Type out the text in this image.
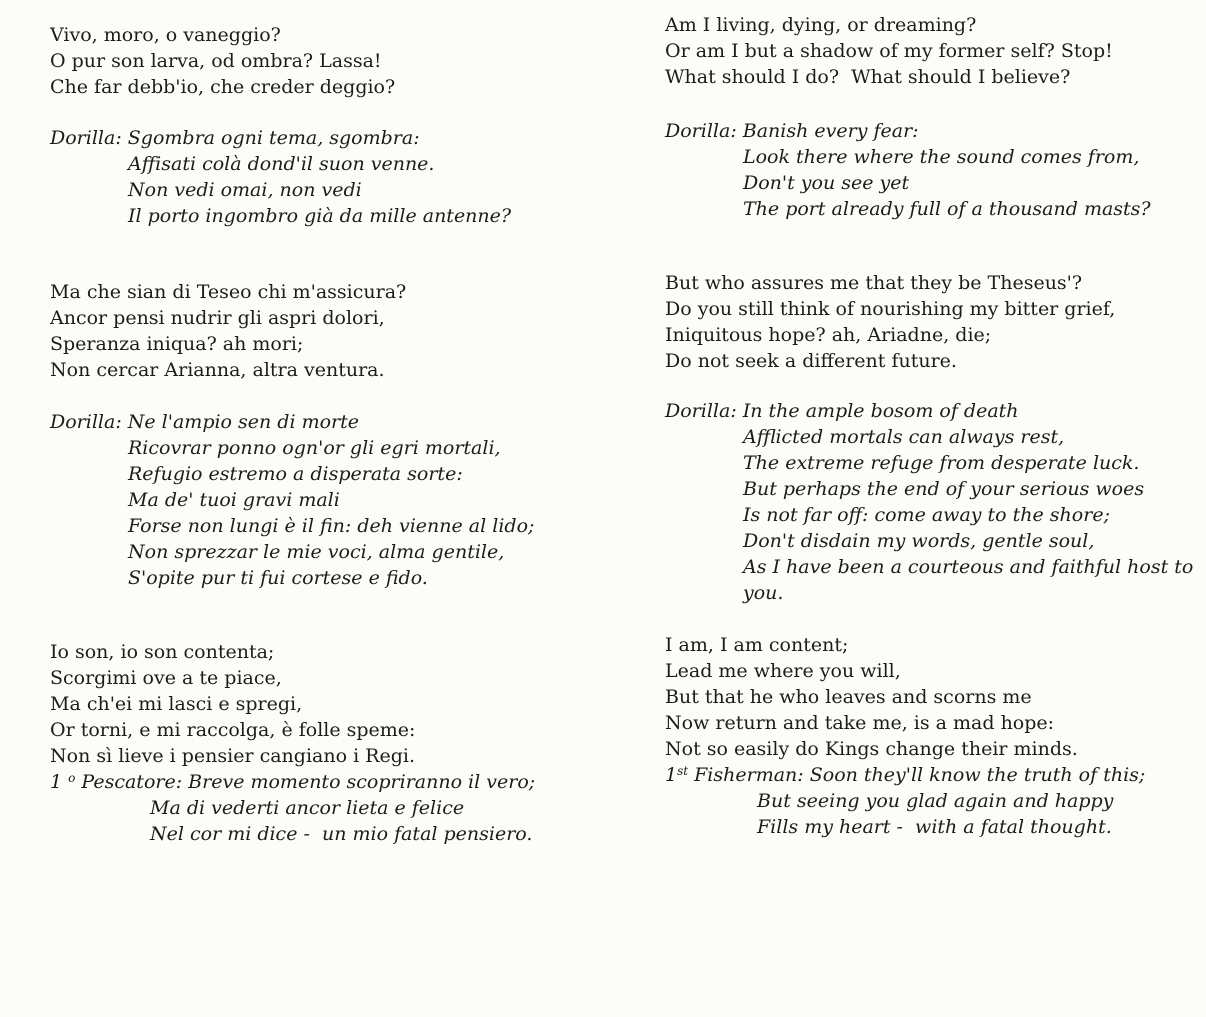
Vivo, moro, o vaneggio?
O pur son larva, od ombra? Lassa!
Che far debb'io, che creder deggio?
Dorilla: Sgombra ogni tema, sgombra:
Affisati colà dond'il suon venne.
Non vedi omai, non vedi
Il porto ingombro già da mille antenne?
Ma che sian di Teseo chi m'assicura?
Ancor pensi nudrir gli aspri dolori,
Speranza iniqua? ah mori;
Non cercar Arianna, altra ventura.
Dorilla: Ne l'ampio sen di morte
Ricovrar ponno ogn'or gli egri mortali,
Refugio estremo a disperata sorte:
Ma de' tuoi gravi mali
Forse non lungi è il fin: deh vienne al lido;
Non sprezzar le mie voci, alma gentile,
S'opite pur ti fui cortese e fido.
Io son, io son contenta;
Scorgimi ove a te piace,
Ma ch'ei mi lasci e spregi,
Or torni, e mi raccolga, è folle speme:
Non sì lieve i pensier cangiano i Regi.
1 $^o$ Pescatore: Breve momento scopriranno il vero;
Ma di vederti ancor lieta e felice
Nel cor mi dice -  un mio fatal pensiero.
Am I living, dying, or dreaming?
Or am I but a shadow of my former self? Stop!
What should I do?  What should I believe?
Dorilla: Banish every fear:
Look there where the sound comes from,
Don't you see yet
The port already full of a thousand masts?
But who assures me that they be Theseus'?
Do you still think of nourishing my bitter grief,
Iniquitous hope? ah, Ariadne, die;
Do not seek a different future.
Dorilla: In the ample bosom of death
Afflicted mortals can always rest,
The extreme refuge from desperate luck.
But perhaps the end of your serious woes
Is not far off: come away to the shore;
Don't disdain my words, gentle soul,
As I have been a courteous and faithful host to
you.
I am, I am content;
Lead me where you will,
But that he who leaves and scorns me
Now return and take me, is a mad hope:
Not so easily do Kings change their minds.
1st Fisherman: Soon they'll know the truth of this;
But seeing you glad again and happy
Fills my heart -  with a fatal thought.
